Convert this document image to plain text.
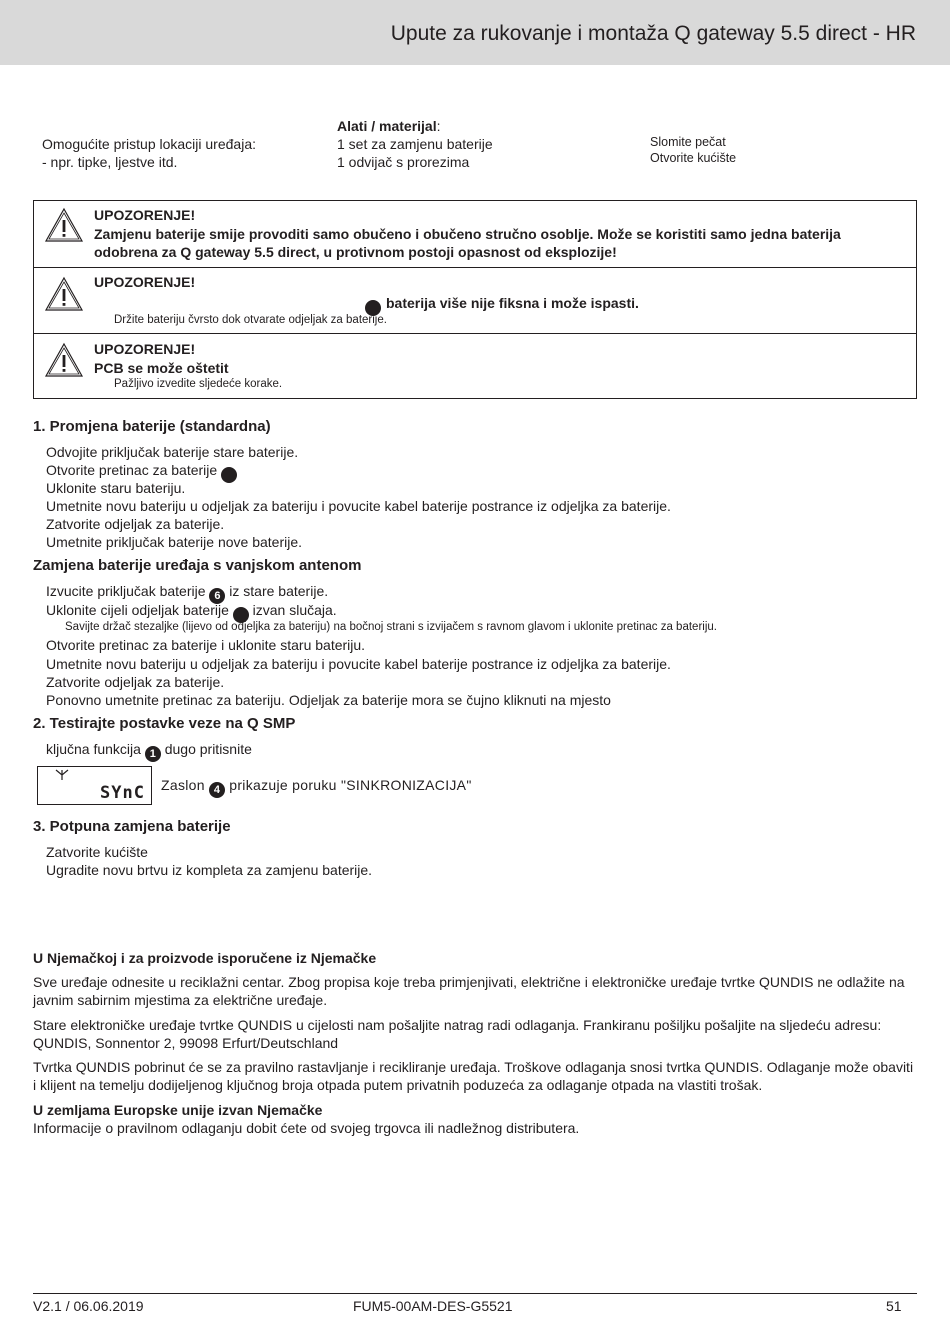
Upute za rukovanje i montaža Q gateway 5.5 direct - HR
Omogućite pristup lokaciji uređaja:
- npr. tipke, ljestve itd.
Alati / materijal:
1 set za zamjenu baterije
1 odvijač s prorezima
Slomite pečat
Otvorite kućište
UPOZORENJE!
Zamjenu baterije smije provoditi samo obučeno i obučeno stručno osoblje. Može se koristiti samo jedna baterija
odobrena za Q gateway 5.5 direct, u protivnom postoji opasnost od eksplozije!
UPOZORENJE!
baterija više nije fiksna i može ispasti.
Držite bateriju čvrsto dok otvarate odjeljak za baterije.
UPOZORENJE!
PCB se može oštetit
Pažljivo izvedite sljedeće korake.
1. Promjena baterije (standardna)
Odvojite priključak baterije stare baterije.
Otvorite pretinac za baterije
Uklonite staru bateriju.
Umetnite novu bateriju u odjeljak za bateriju i povucite kabel baterije postrance iz odjeljka za baterije.
Zatvorite odjeljak za baterije.
Umetnite priključak baterije nove baterije.
Zamjena baterije uređaja s vanjskom antenom
Izvucite priključak baterije 6 iz stare baterije.
Uklonite cijeli odjeljak baterije izvan slučaja.
Savijte držač stezaljke (lijevo od odjeljka za bateriju) na bočnoj strani s izvijačem s ravnom glavom i uklonite pretinac za bateriju.
Otvorite pretinac za baterije i uklonite staru bateriju.
Umetnite novu bateriju u odjeljak za bateriju i povucite kabel baterije postrance iz odjeljka za baterije.
Zatvorite odjeljak za baterije.
Ponovno umetnite pretinac za bateriju. Odjeljak za baterije mora se čujno kliknuti na mjesto
2. Testirajte postavke veze na Q SMP
ključna funkcija 1 dugo pritisnite
SYnC Zaslon 4 prikazuje poruku "SINKRONIZACIJA"
3. Potpuna zamjena baterije
Zatvorite kućište
Ugradite novu brtvu iz kompleta za zamjenu baterije.
U Njemačkoj i za proizvode isporučene iz Njemačke
Sve uređaje odnesite u reciklažni centar. Zbog propisa koje treba primjenjivati, električne i elektroničke uređaje tvrtke QUNDIS ne odlažite na javnim sabirnim mjestima za električne uređaje.
Stare elektroničke uređaje tvrtke QUNDIS u cijelosti nam pošaljite natrag radi odlaganja. Frankiranu pošiljku pošaljite na sljedeću adresu: QUNDIS, Sonnentor 2, 99098 Erfurt/Deutschland
Tvrtka QUNDIS pobrinut će se za pravilno rastavljanje i recikliranje uređaja. Troškove odlaganja snosi tvrtka QUNDIS. Odlaganje može obaviti i klijent na temelju dodijeljenog ključnog broja otpada putem privatnih poduzeća za odlaganje otpada na vlastiti trošak.
U zemljama Europske unije izvan Njemačke
Informacije o pravilnom odlaganju dobit ćete od svojeg trgovca ili nadležnog distributera.
V2.1 / 06.06.2019	FUM5-00AM-DES-G5521	51
